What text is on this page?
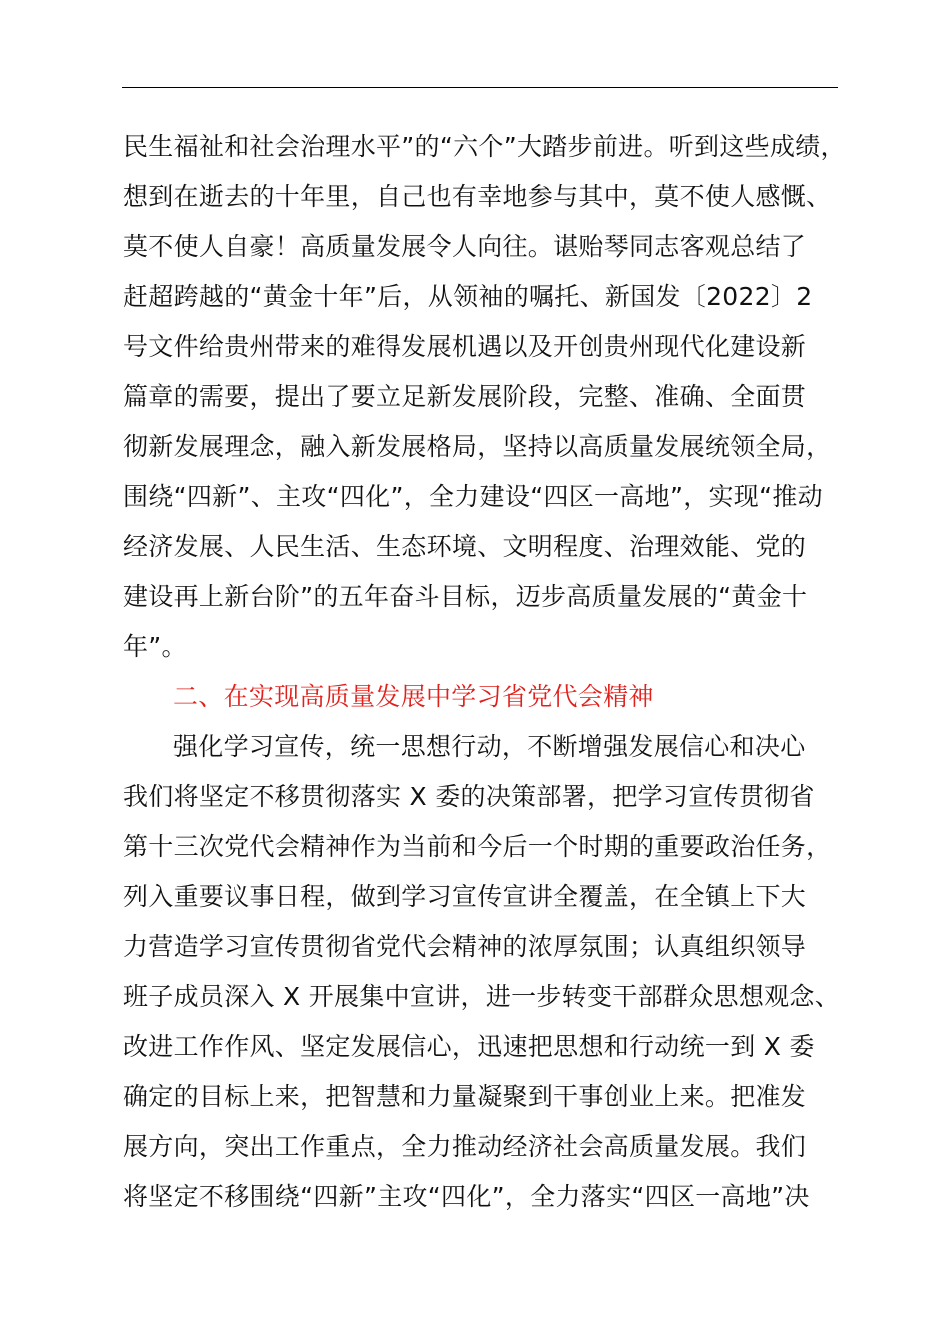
民生福祉和社会治理水平”的“六个”大踏步前进。听到这些成绩，
想到在逝去的十年里，自己也有幸地参与其中，莫不使人感慨、
莫不使人自豪！高质量发展令人向往。谌贻琴同志客观总结了
赶超跨越的“黄金十年”后，从领袖的嘱托、新国发〔2022〕2
号文件给贵州带来的难得发展机遇以及开创贵州现代化建设新
篇章的需要，提出了要立足新发展阶段，完整、准确、全面贯
彻新发展理念，融入新发展格局，坚持以高质量发展统领全局，
围绕“四新”、主攻“四化”，全力建设“四区一高地”，实现“推动
经济发展、人民生活、生态环境、文明程度、治理效能、党的
建设再上新台阶”的五年奋斗目标，迈步高质量发展的“黄金十
年”。
二、在实现高质量发展中学习省党代会精神
强化学习宣传，统一思想行动，不断增强发展信心和决心
我们将坚定不移贯彻落实 X 委的决策部署，把学习宣传贯彻省
第十三次党代会精神作为当前和今后一个时期的重要政治任务，
列入重要议事日程，做到学习宣传宣讲全覆盖，在全镇上下大
力营造学习宣传贯彻省党代会精神的浓厚氛围；认真组织领导
班子成员深入 X 开展集中宣讲，进一步转变干部群众思想观念、
改进工作作风、坚定发展信心，迅速把思想和行动统一到 X 委
确定的目标上来，把智慧和力量凝聚到干事创业上来。把准发
展方向，突出工作重点，全力推动经济社会高质量发展。我们
将坚定不移围绕“四新”主攻“四化”，全力落实“四区一高地”决
